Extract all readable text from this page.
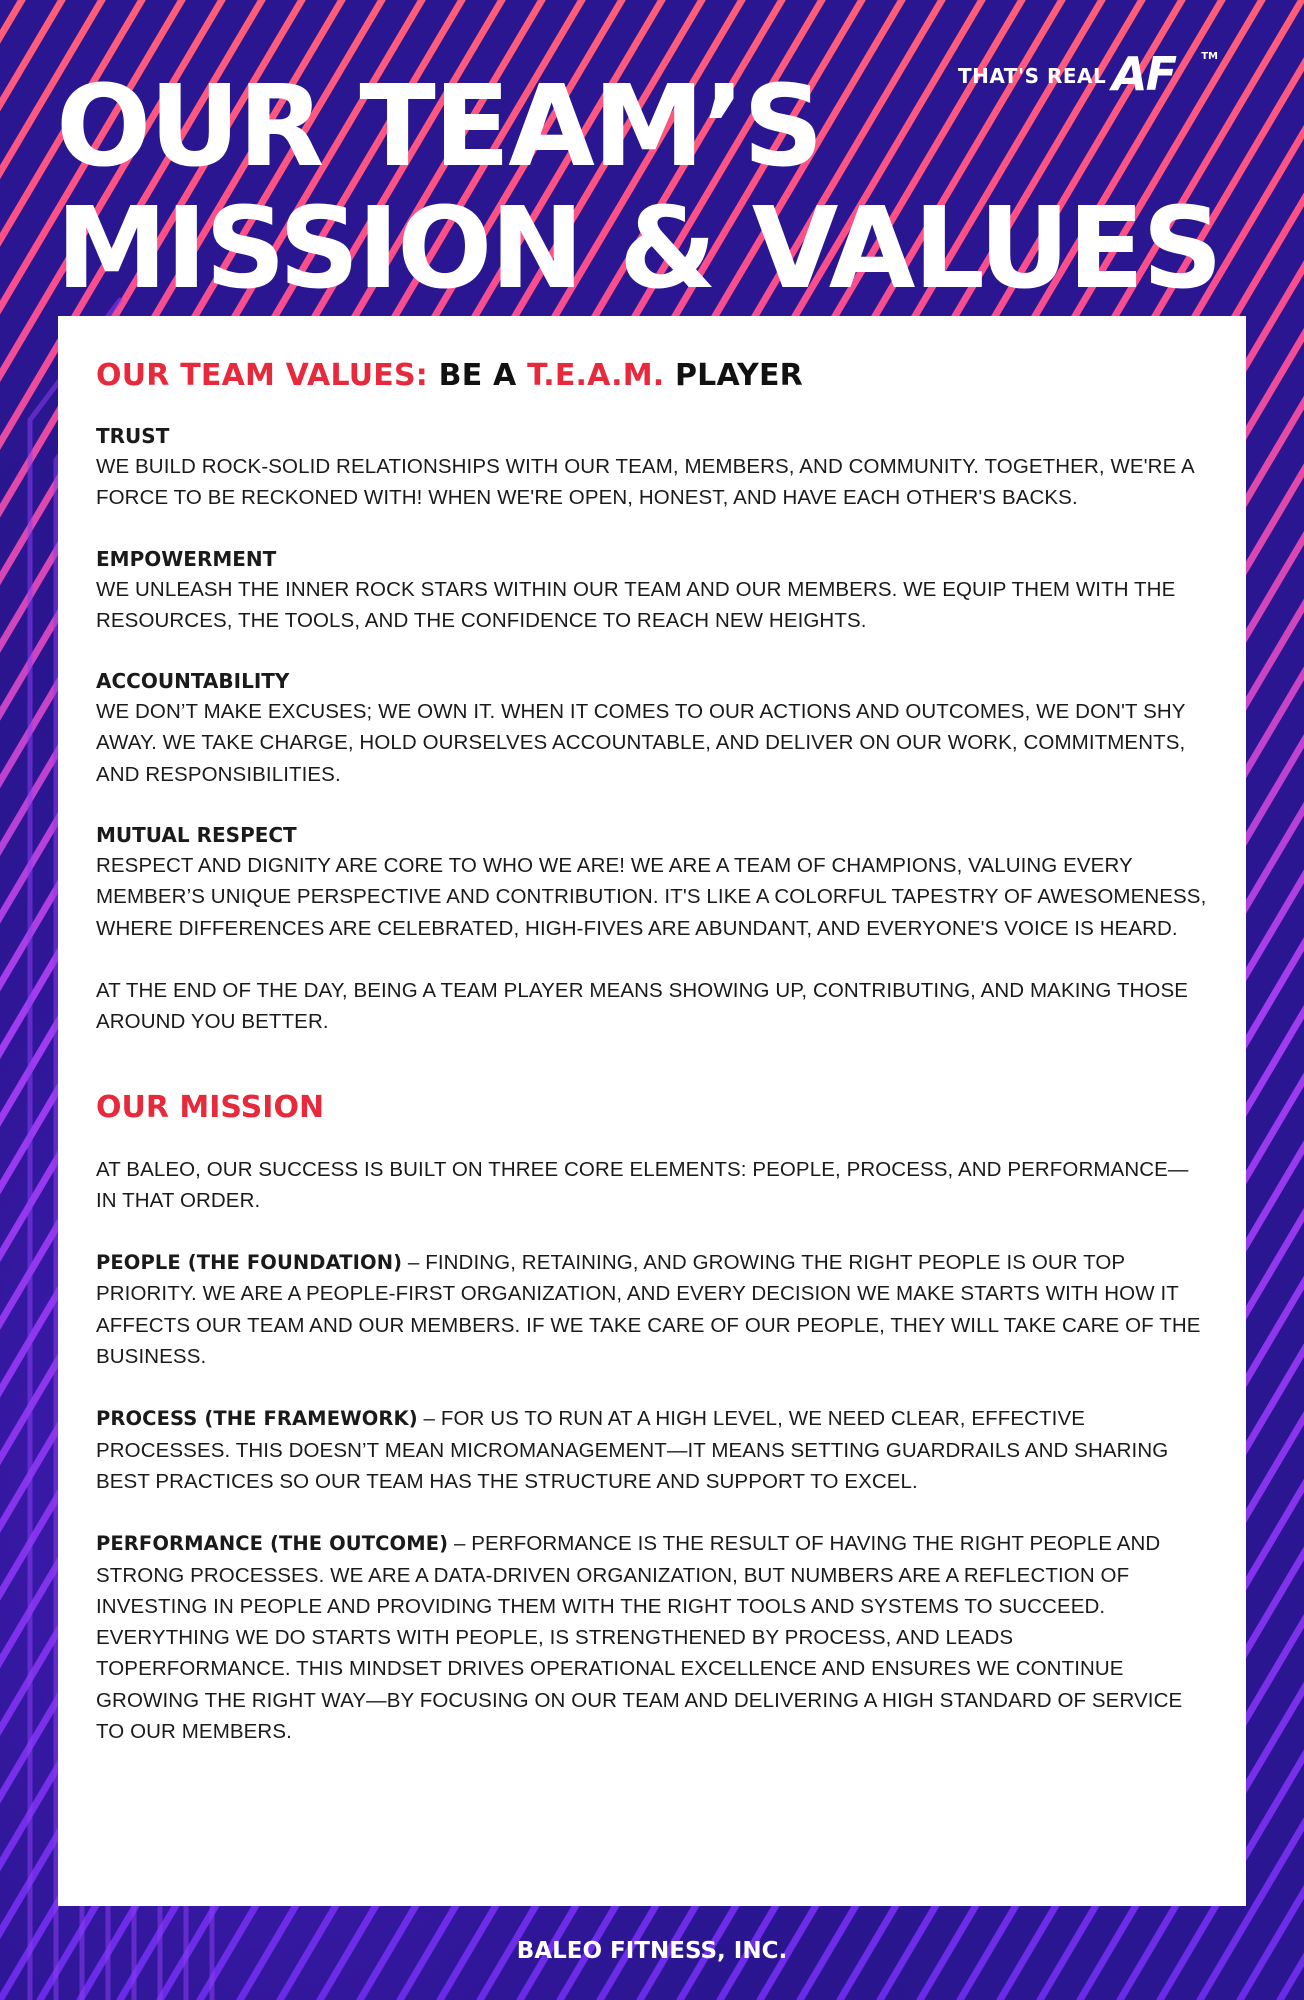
THAT'S REAL AF	TM
OUR TEAM’S
MISSION & VALUES
OUR TEAM VALUES: BE A T.E.A.M. PLAYER
TRUST
WE BUILD ROCK-SOLID RELATIONSHIPS WITH OUR TEAM, MEMBERS, AND COMMUNITY. TOGETHER, WE'RE A FORCE TO BE RECKONED WITH! WHEN WE'RE OPEN, HONEST, AND HAVE EACH OTHER'S BACKS.
EMPOWERMENT
WE UNLEASH THE INNER ROCK STARS WITHIN OUR TEAM AND OUR MEMBERS. WE EQUIP THEM WITH THE RESOURCES, THE TOOLS, AND THE CONFIDENCE TO REACH NEW HEIGHTS.
ACCOUNTABILITY
WE DON’T MAKE EXCUSES; WE OWN IT. WHEN IT COMES TO OUR ACTIONS AND OUTCOMES, WE DON'T SHY AWAY. WE TAKE CHARGE, HOLD OURSELVES ACCOUNTABLE, AND DELIVER ON OUR WORK, COMMITMENTS, AND RESPONSIBILITIES.
MUTUAL RESPECT
RESPECT AND DIGNITY ARE CORE TO WHO WE ARE! WE ARE A TEAM OF CHAMPIONS, VALUING EVERY MEMBER’S UNIQUE PERSPECTIVE AND CONTRIBUTION. IT'S LIKE A COLORFUL TAPESTRY OF AWESOMENESS, WHERE DIFFERENCES ARE CELEBRATED, HIGH-FIVES ARE ABUNDANT, AND EVERYONE'S VOICE IS HEARD.
AT THE END OF THE DAY, BEING A TEAM PLAYER MEANS SHOWING UP, CONTRIBUTING, AND MAKING THOSE AROUND YOU BETTER.
OUR MISSION
AT BALEO, OUR SUCCESS IS BUILT ON THREE CORE ELEMENTS: PEOPLE, PROCESS, AND PERFORMANCE—IN THAT ORDER.
PEOPLE (THE FOUNDATION) – FINDING, RETAINING, AND GROWING THE RIGHT PEOPLE IS OUR TOP PRIORITY. WE ARE A PEOPLE-FIRST ORGANIZATION, AND EVERY DECISION WE MAKE STARTS WITH HOW IT AFFECTS OUR TEAM AND OUR MEMBERS. IF WE TAKE CARE OF OUR PEOPLE, THEY WILL TAKE CARE OF THE BUSINESS.
PROCESS (THE FRAMEWORK) – FOR US TO RUN AT A HIGH LEVEL, WE NEED CLEAR, EFFECTIVE PROCESSES. THIS DOESN’T MEAN MICROMANAGEMENT—IT MEANS SETTING GUARDRAILS AND SHARING BEST PRACTICES SO OUR TEAM HAS THE STRUCTURE AND SUPPORT TO EXCEL.
PERFORMANCE (THE OUTCOME) – PERFORMANCE IS THE RESULT OF HAVING THE RIGHT PEOPLE AND STRONG PROCESSES. WE ARE A DATA-DRIVEN ORGANIZATION, BUT NUMBERS ARE A REFLECTION OF INVESTING IN PEOPLE AND PROVIDING THEM WITH THE RIGHT TOOLS AND SYSTEMS TO SUCCEED.
EVERYTHING WE DO STARTS WITH PEOPLE, IS STRENGTHENED BY PROCESS, AND LEADS TOPERFORMANCE. THIS MINDSET DRIVES OPERATIONAL EXCELLENCE AND ENSURES WE CONTINUE GROWING THE RIGHT WAY—BY FOCUSING ON OUR TEAM AND DELIVERING A HIGH STANDARD OF SERVICE TO OUR MEMBERS.
BALEO FITNESS, INC.
